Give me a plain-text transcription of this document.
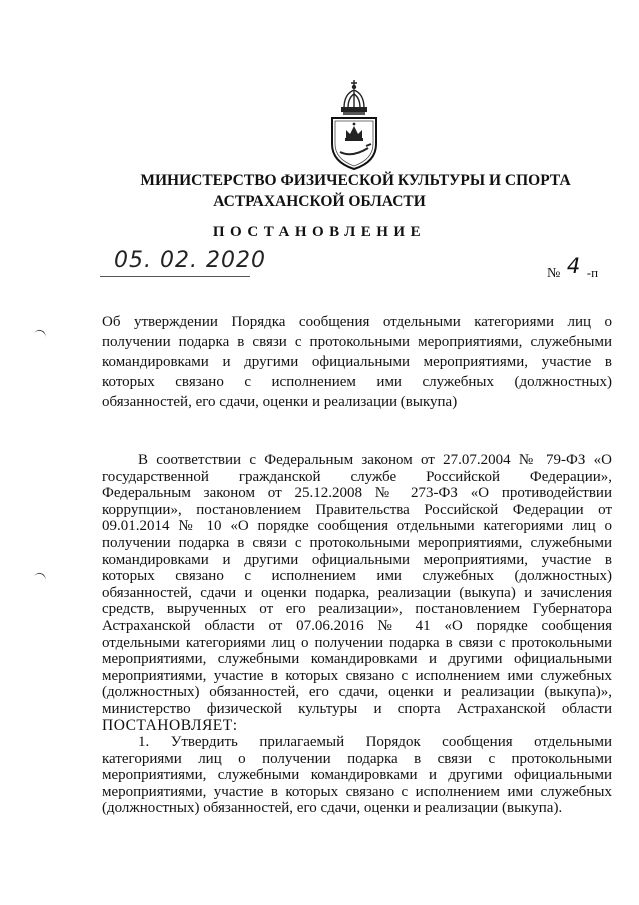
МИНИСТЕРСТВО ФИЗИЧЕСКОЙ КУЛЬТУРЫ И СПОРТА
АСТРАХАНСКОЙ ОБЛАСТИ
ПОСТАНОВЛЕНИЕ
05. 02. 2020
№ 4 -п
Об утверждении Порядка сообщения отдельными категориями лиц о
получении подарка в связи с протокольными мероприятиями, служебными
командировками и другими официальными мероприятиями, участие в
которых связано с исполнением ими служебных (должностных)
обязанностей, его сдачи, оценки и реализации (выкупа)
В соответствии с Федеральным законом от 27.07.2004 № 79-ФЗ «О
государственной гражданской службе Российской Федерации»,
Федеральным законом от 25.12.2008 № 273-ФЗ «О противодействии
коррупции», постановлением Правительства Российской Федерации от
09.01.2014 № 10 «О порядке сообщения отдельными категориями лиц о
получении подарка в связи с протокольными мероприятиями, служебными
командировками и другими официальными мероприятиями, участие в
которых связано с исполнением ими служебных (должностных)
обязанностей, сдачи и оценки подарка, реализации (выкупа) и зачисления
средств, вырученных от его реализации», постановлением Губернатора
Астраханской области от 07.06.2016 № 41 «О порядке сообщения
отдельными категориями лиц о получении подарка в связи с протокольными
мероприятиями, служебными командировками и другими официальными
мероприятиями, участие в которых связано с исполнением ими служебных
(должностных) обязанностей, его сдачи, оценки и реализации (выкупа)»,
министерство физической культуры и спорта Астраханской области
ПОСТАНОВЛЯЕТ:
1. Утвердить прилагаемый Порядок сообщения отдельными
категориями лиц о получении подарка в связи с протокольными
мероприятиями, служебными командировками и другими официальными
мероприятиями, участие в которых связано с исполнением ими служебных
(должностных) обязанностей, его сдачи, оценки и реализации (выкупа).
